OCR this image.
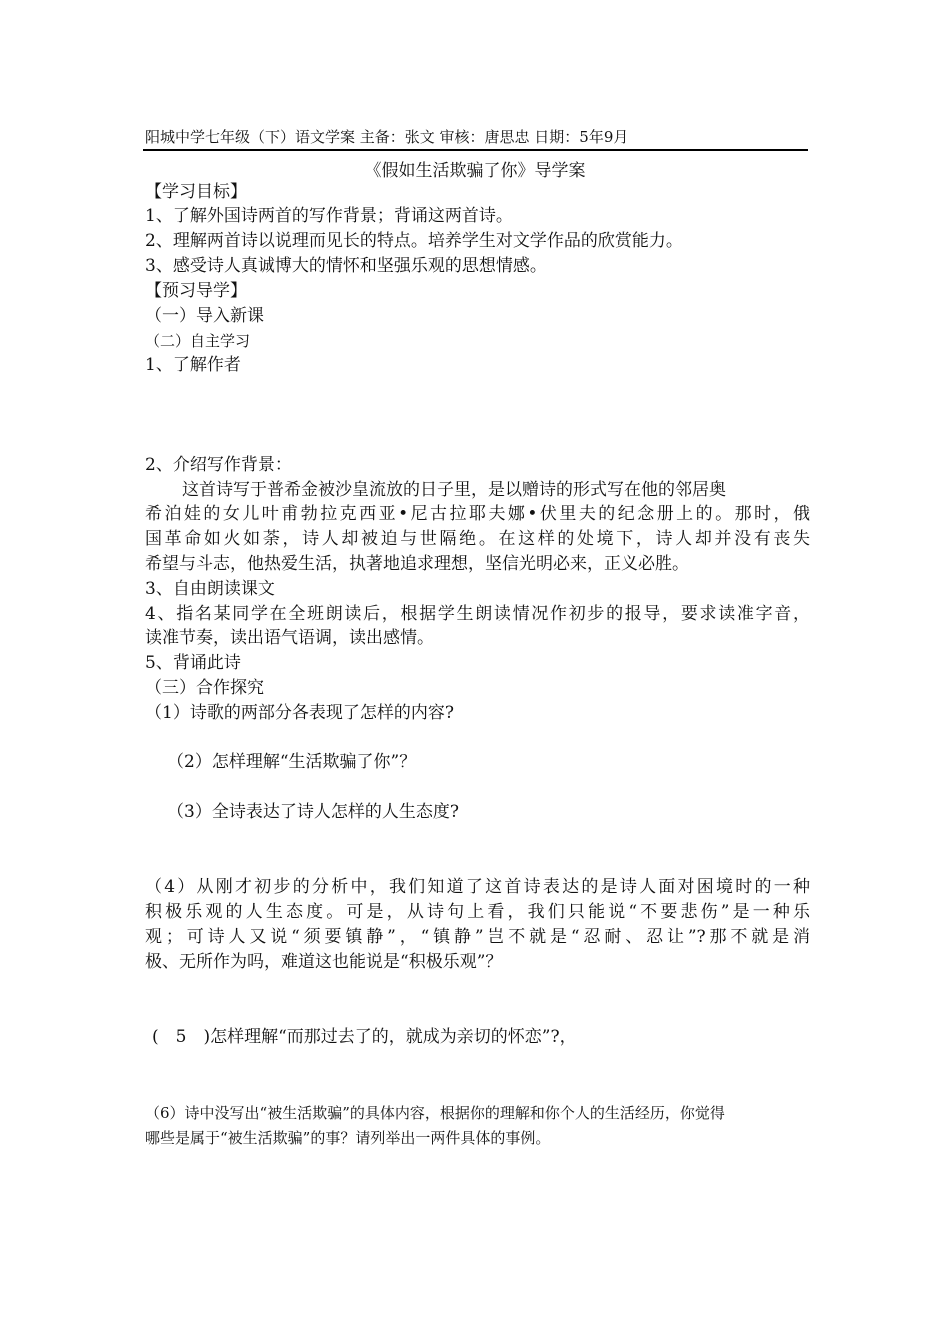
阳城中学七年级（下）语文学案 主备：张文 审核：唐思忠 日期：5年9月
《假如生活欺骗了你》导学案
【学习目标】
1、了解外国诗两首的写作背景；背诵这两首诗。
2、理解两首诗以说理而见长的特点。培养学生对文学作品的欣赏能力。
3、感受诗人真诚博大的情怀和坚强乐观的思想情感。
【预习导学】
（一）导入新课
（二）自主学习
1、了解作者
2、介绍写作背景：
这首诗写于普希金被沙皇流放的日子里，是以赠诗的形式写在他的邻居奥
希泊娃的女儿叶甫勃拉克西亚•尼古拉耶夫娜•伏里夫的纪念册上的。那时，俄
国革命如火如荼，诗人却被迫与世隔绝。在这样的处境下，诗人却并没有丧失
希望与斗志，他热爱生活，执著地追求理想，坚信光明必来，正义必胜。
3、自由朗读课文
4、指名某同学在全班朗读后，根据学生朗读情况作初步的报导，要求读准字音，
读准节奏，读出语气语调，读出感情。
5、背诵此诗
（三）合作探究
（1）诗歌的两部分各表现了怎样的内容?
（2）怎样理解“生活欺骗了你”？
（3）全诗表达了诗人怎样的人生态度?
（4）从刚才初步的分析中，我们知道了这首诗表达的是诗人面对困境时的一种
积极乐观的人生态度。可是，从诗句上看，我们只能说“不要悲伤”是一种乐
观；可诗人又说“须要镇静”，“镇静”岂不就是“忍耐、忍让”?那不就是消
极、无所作为吗，难道这也能说是“积极乐观”？
(　5　)怎样理解“而那过去了的，就成为亲切的怀恋”?，
（6）诗中没写出“被生活欺骗”的具体内容，根据你的理解和你个人的生活经历，你觉得
哪些是属于“被生活欺骗”的事？请列举出一两件具体的事例。
